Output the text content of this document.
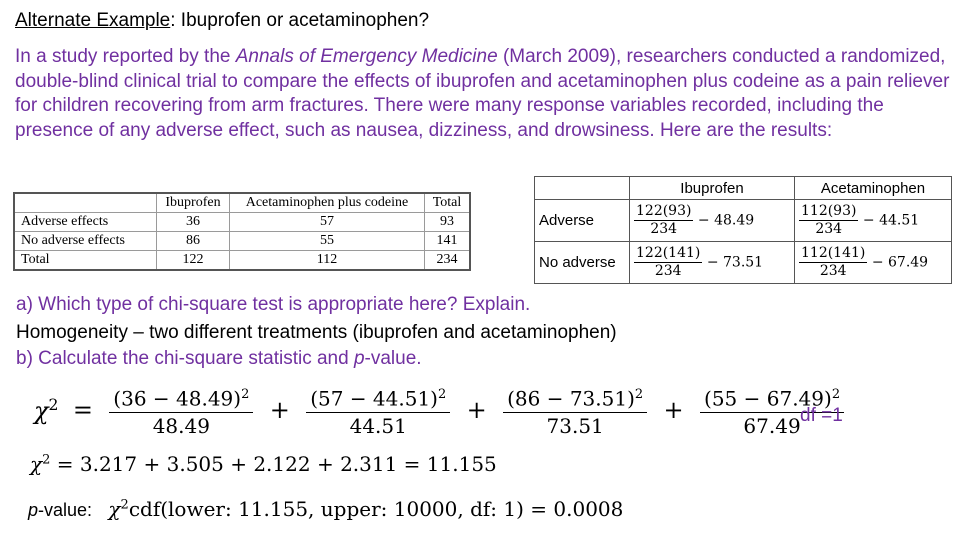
Alternate Example: Ibuprofen or acetaminophen?
In a study reported by the Annals of Emergency Medicine (March 2009), researchers conducted a randomized, double-blind clinical trial to compare the effects of ibuprofen and acetaminophen plus codeine as a pain reliever for children recovering from arm fractures. There were many response variables recorded, including the presence of any adverse effect, such as nausea, dizziness, and drowsiness. Here are the results:
	Ibuprofen	Acetaminophen plus codeine	Total
Adverse effects	36	57	93
No adverse effects	86	55	141
Total	122	112	234
	Ibuprofen	Acetaminophen
Adverse	$\frac{122(93)}{234} - 48.49$	$\frac{112(93)}{234} - 44.51$
No adverse	$\frac{122(141)}{234} - 73.51$	$\frac{112(141)}{234} - 67.49$
a) Which type of chi-square test is appropriate here? Explain.
Homogeneity – two different treatments (ibuprofen and acetaminophen)
b) Calculate the chi-square statistic and p-value.
$\chi^2 = \frac{(36 - 48.49)^2}{48.49} + \frac{(57 - 44.51)^2}{44.51} + \frac{(86 - 73.51)^2}{73.51} + \frac{(55 - 67.49)^2}{67.49}$
df =1
$\chi^2 = 3.217 + 3.505 + 2.122 + 2.311 = 11.155$
p-value: $\chi^2cdf(lower$: 11.155, upper: 10000, df: 1) = 0.0008
